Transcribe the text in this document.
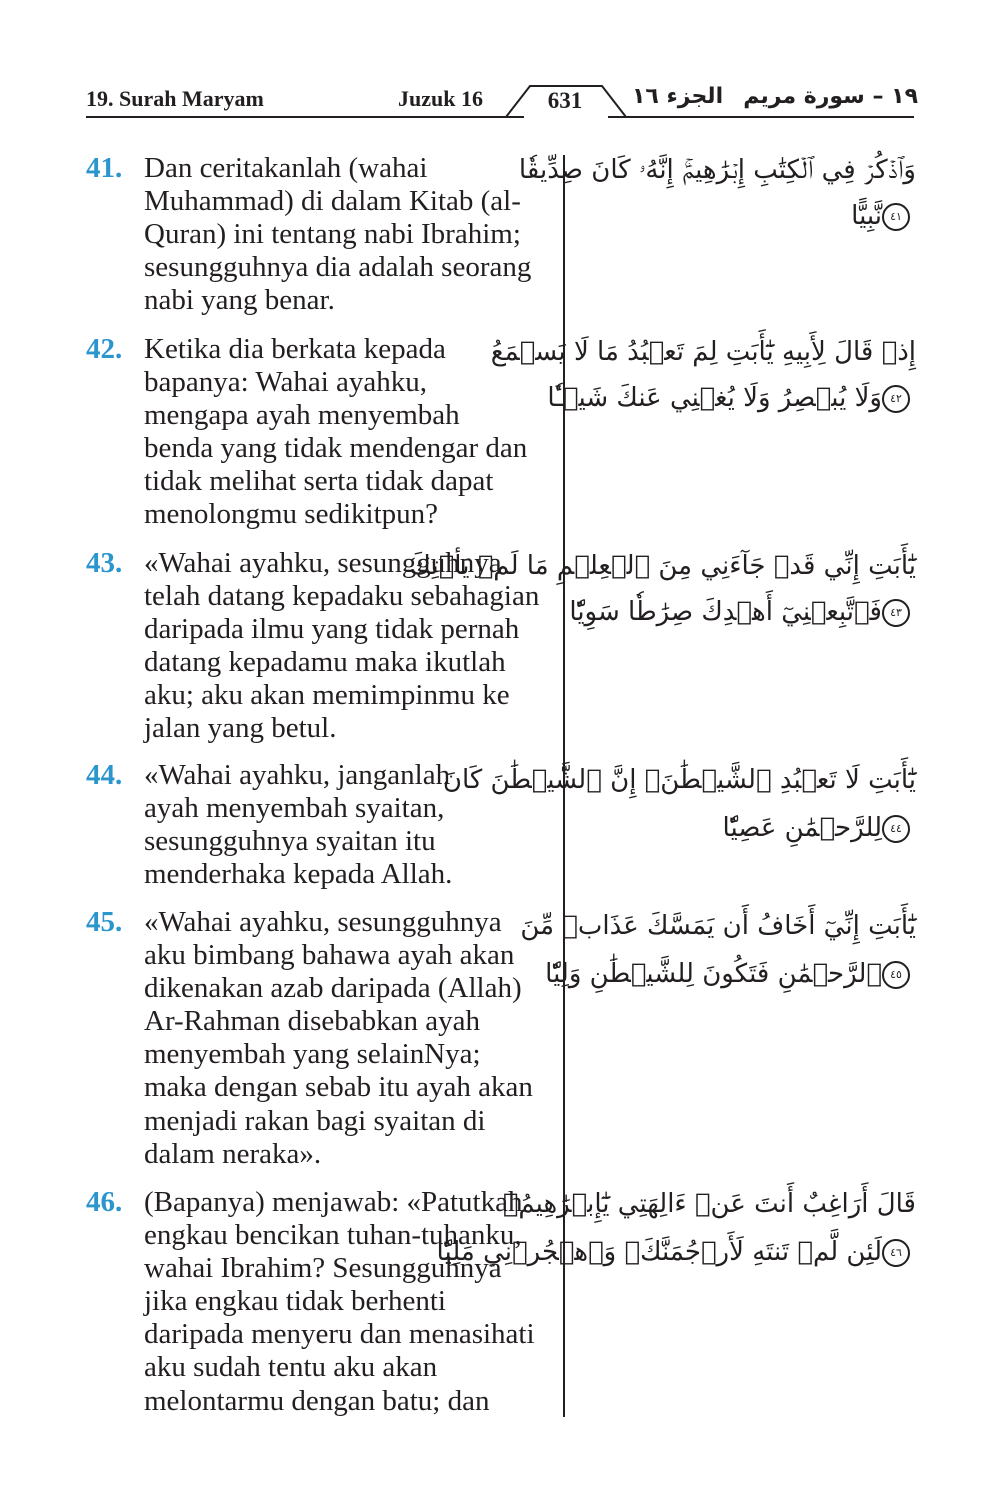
19. Surah Maryam	Juzuk 16	631	الجزء ١٦ ١٩ – سورة مريم
41. Dan ceritakanlah (wahai
Muhammad) di dalam Kitab (al-
Quran) ini tentang nabi Ibrahim;
sesungguhnya dia adalah seorang
nabi yang benar.
وَٱذۡكُرۡ فِي ٱلۡكِتَٰبِ إِبۡرَٰهِيمَۚ إِنَّهُۥ كَانَ صِدِّيقٗا
٤١نَّبِيًّا
42. Ketika dia berkata kepada
bapanya: Wahai ayahku,
mengapa ayah menyembah
benda yang tidak mendengar dan
tidak melihat serta tidak dapat
menolongmu sedikitpun?
إِذۡ قَالَ لِأَبِيهِ يَٰٓأَبَتِ لِمَ تَعۡبُدُ مَا لَا يَسۡمَعُ
٤٢وَلَا يُبۡصِرُ وَلَا يُغۡنِي عَنكَ شَيۡـٔٗا
43. «Wahai ayahku, sesungguhnya
telah datang kepadaku sebahagian
daripada ilmu yang tidak pernah
datang kepadamu maka ikutlah
aku; aku akan memimpinmu ke
jalan yang betul.
يَٰٓأَبَتِ إِنِّي قَدۡ جَآءَنِي مِنَ ٱلۡعِلۡمِ مَا لَمۡ يَأۡتِكَ
٤٣فَٱتَّبِعۡنِيٓ أَهۡدِكَ صِرَٰطٗا سَوِيّٗا
44. «Wahai ayahku, janganlah
ayah menyembah syaitan,
sesungguhnya syaitan itu
menderhaka kepada Allah.
يَٰٓأَبَتِ لَا تَعۡبُدِ ٱلشَّيۡطَٰنَۖ إِنَّ ٱلشَّيۡطَٰنَ كَانَ
٤٤لِلرَّحۡمَٰنِ عَصِيّٗا
45. «Wahai ayahku, sesungguhnya
aku bimbang bahawa ayah akan
dikenakan azab daripada (Allah)
Ar-Rahman disebabkan ayah
menyembah yang selainNya;
maka dengan sebab itu ayah akan
menjadi rakan bagi syaitan di
dalam neraka».
يَٰٓأَبَتِ إِنِّيٓ أَخَافُ أَن يَمَسَّكَ عَذَابٞ مِّنَ
٤٥ٱلرَّحۡمَٰنِ فَتَكُونَ لِلشَّيۡطَٰنِ وَلِيّٗا
46. (Bapanya) menjawab: «Patutkah
engkau bencikan tuhan-tuhanku,
wahai Ibrahim? Sesungguhnya
jika engkau tidak berhenti
daripada menyeru dan menasihati
aku sudah tentu aku akan
melontarmu dengan batu; dan
قَالَ أَرَاغِبٌ أَنتَ عَنۡ ءَالِهَتِي يَٰٓإِبۡرَٰهِيمُۖ
٤٦لَئِن لَّمۡ تَنتَهِ لَأَرۡجُمَنَّكَۖ وَٱهۡجُرۡنِي مَلِيّٗا
